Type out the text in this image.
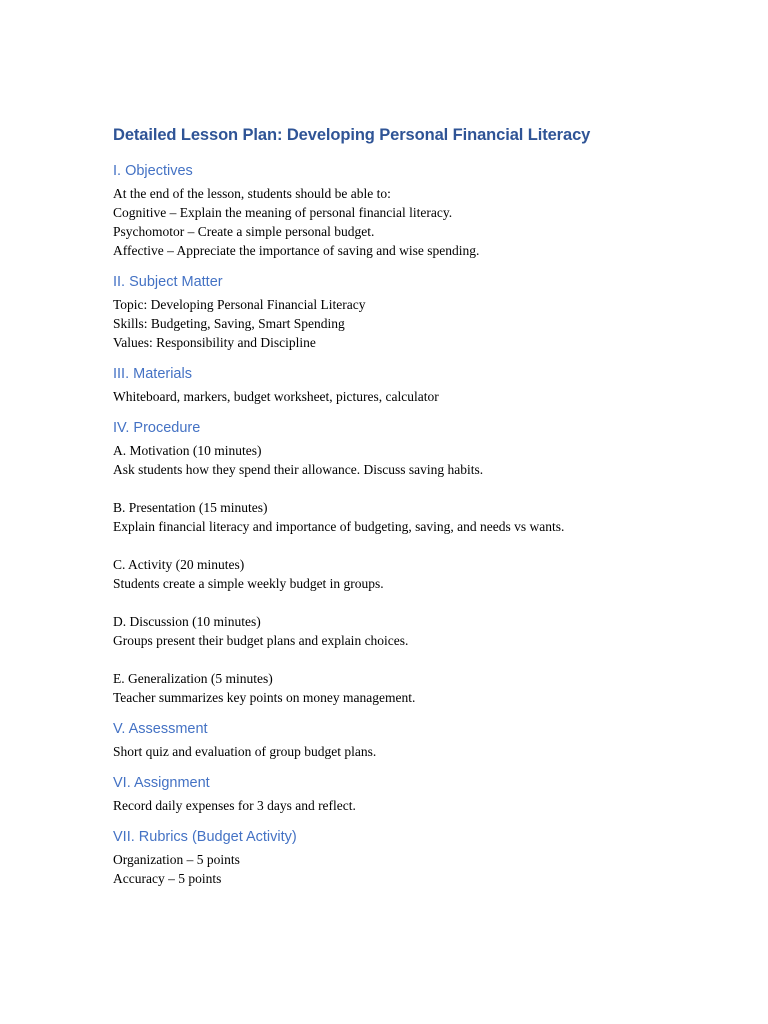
Detailed Lesson Plan: Developing Personal Financial Literacy
I. Objectives

At the end of the lesson, students should be able to:

Cognitive – Explain the meaning of personal financial literacy.

Psychomotor – Create a simple personal budget.

Affective – Appreciate the importance of saving and wise spending.

II. Subject Matter

Topic: Developing Personal Financial Literacy

Skills: Budgeting, Saving, Smart Spending

Values: Responsibility and Discipline

III. Materials

Whiteboard, markers, budget worksheet, pictures, calculator

IV. Procedure

A. Motivation (10 minutes)

Ask students how they spend their allowance. Discuss saving habits.

B. Presentation (15 minutes)

Explain financial literacy and importance of budgeting, saving, and needs vs wants.

C. Activity (20 minutes)

Students create a simple weekly budget in groups.

D. Discussion (10 minutes)

Groups present their budget plans and explain choices.

E. Generalization (5 minutes)

Teacher summarizes key points on money management.

V. Assessment

Short quiz and evaluation of group budget plans.

VI. Assignment

Record daily expenses for 3 days and reflect.

VII. Rubrics (Budget Activity)

Organization – 5 points

Accuracy – 5 points
